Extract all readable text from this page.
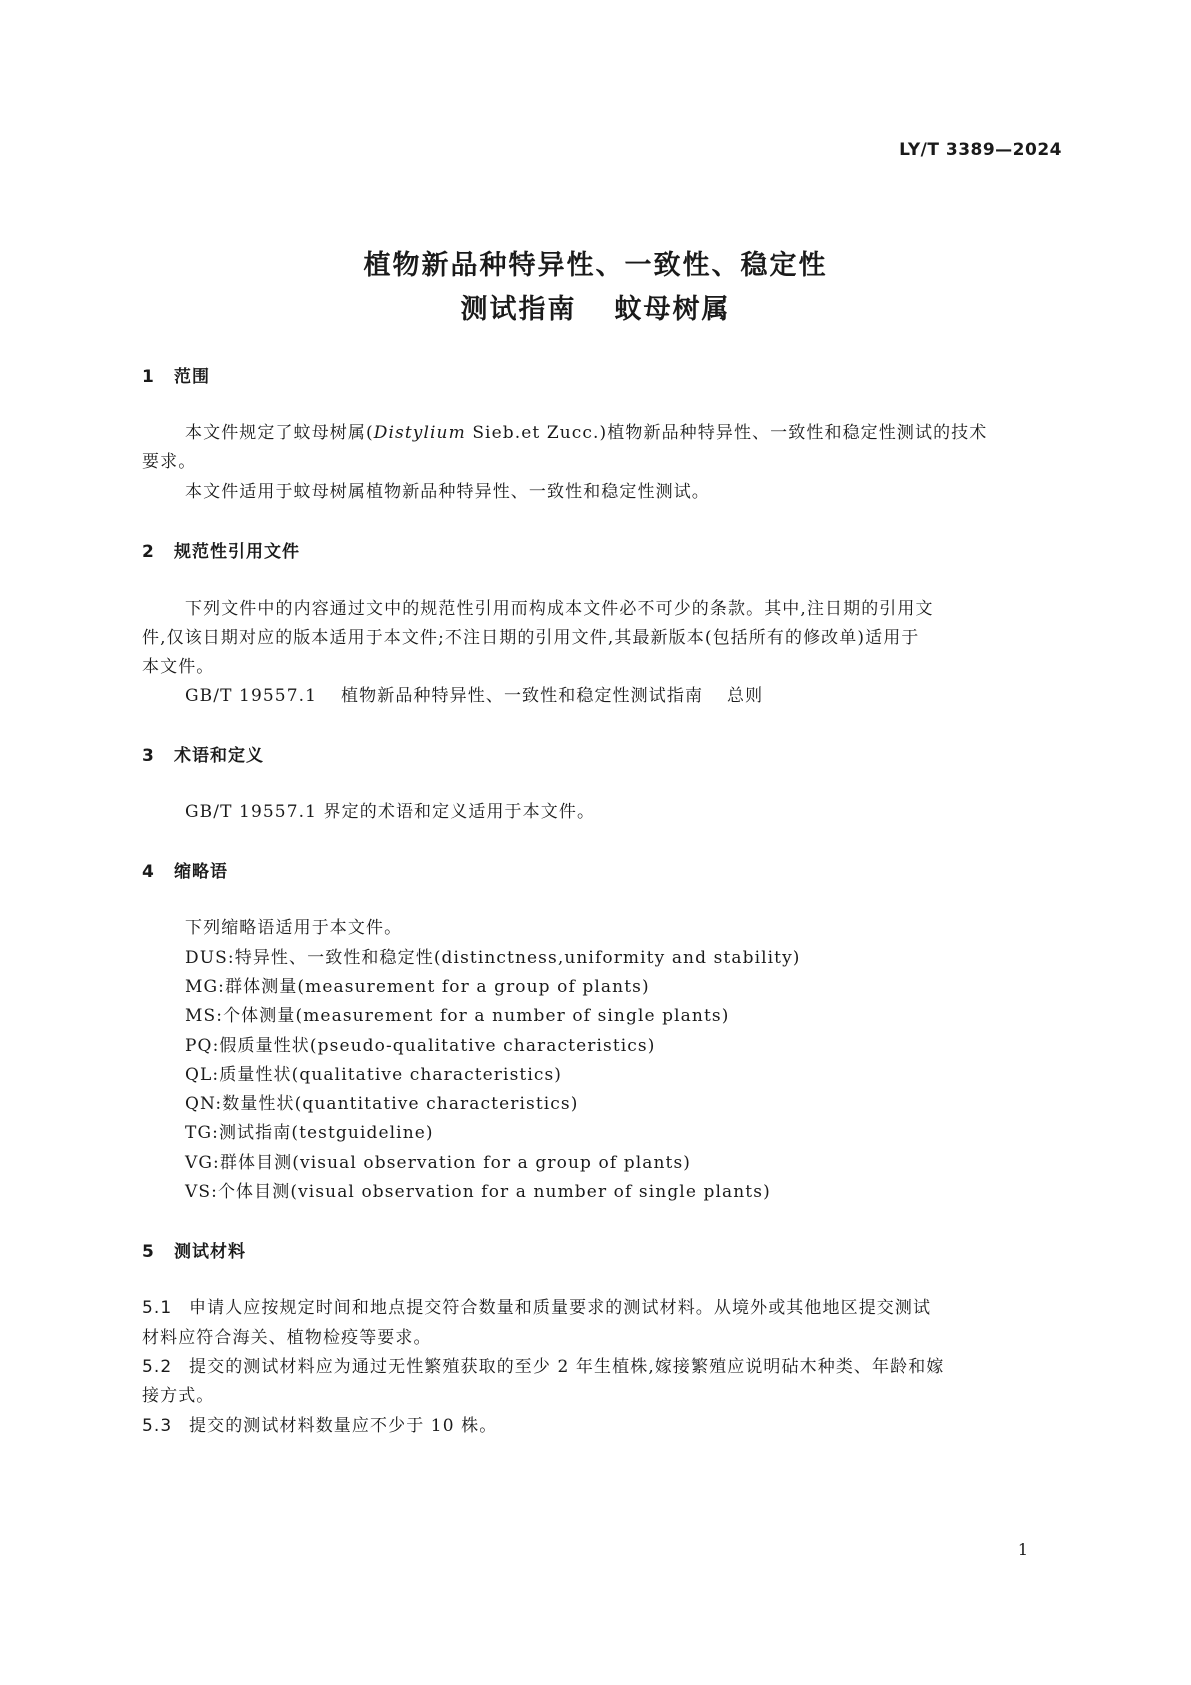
LY/T 3389—2024
植物新品种特异性、一致性、稳定性
测试指南 蚊母树属
1 范围
本文件规定了蚊母树属(Distylium Sieb.et Zucc.)植物新品种特异性、一致性和稳定性测试的技术
要求。
本文件适用于蚊母树属植物新品种特异性、一致性和稳定性测试。
2 规范性引用文件
下列文件中的内容通过文中的规范性引用而构成本文件必不可少的条款。其中,注日期的引用文
件,仅该日期对应的版本适用于本文件;不注日期的引用文件,其最新版本(包括所有的修改单)适用于
本文件。
GB/T 19557.1 植物新品种特异性、一致性和稳定性测试指南 总则
3 术语和定义
GB/T 19557.1 界定的术语和定义适用于本文件。
4 缩略语
下列缩略语适用于本文件。
DUS:特异性、一致性和稳定性(distinctness,uniformity and stability)
MG:群体测量(measurement for a group of plants)
MS:个体测量(measurement for a number of single plants)
PQ:假质量性状(pseudo-qualitative characteristics)
QL:质量性状(qualitative characteristics)
QN:数量性状(quantitative characteristics)
TG:测试指南(testguideline)
VG:群体目测(visual observation for a group of plants)
VS:个体目测(visual observation for a number of single plants)
5 测试材料
5.1 申请人应按规定时间和地点提交符合数量和质量要求的测试材料。从境外或其他地区提交测试
材料应符合海关、植物检疫等要求。
5.2 提交的测试材料应为通过无性繁殖获取的至少 2 年生植株,嫁接繁殖应说明砧木种类、年龄和嫁
接方式。
5.3 提交的测试材料数量应不少于 10 株。
1
